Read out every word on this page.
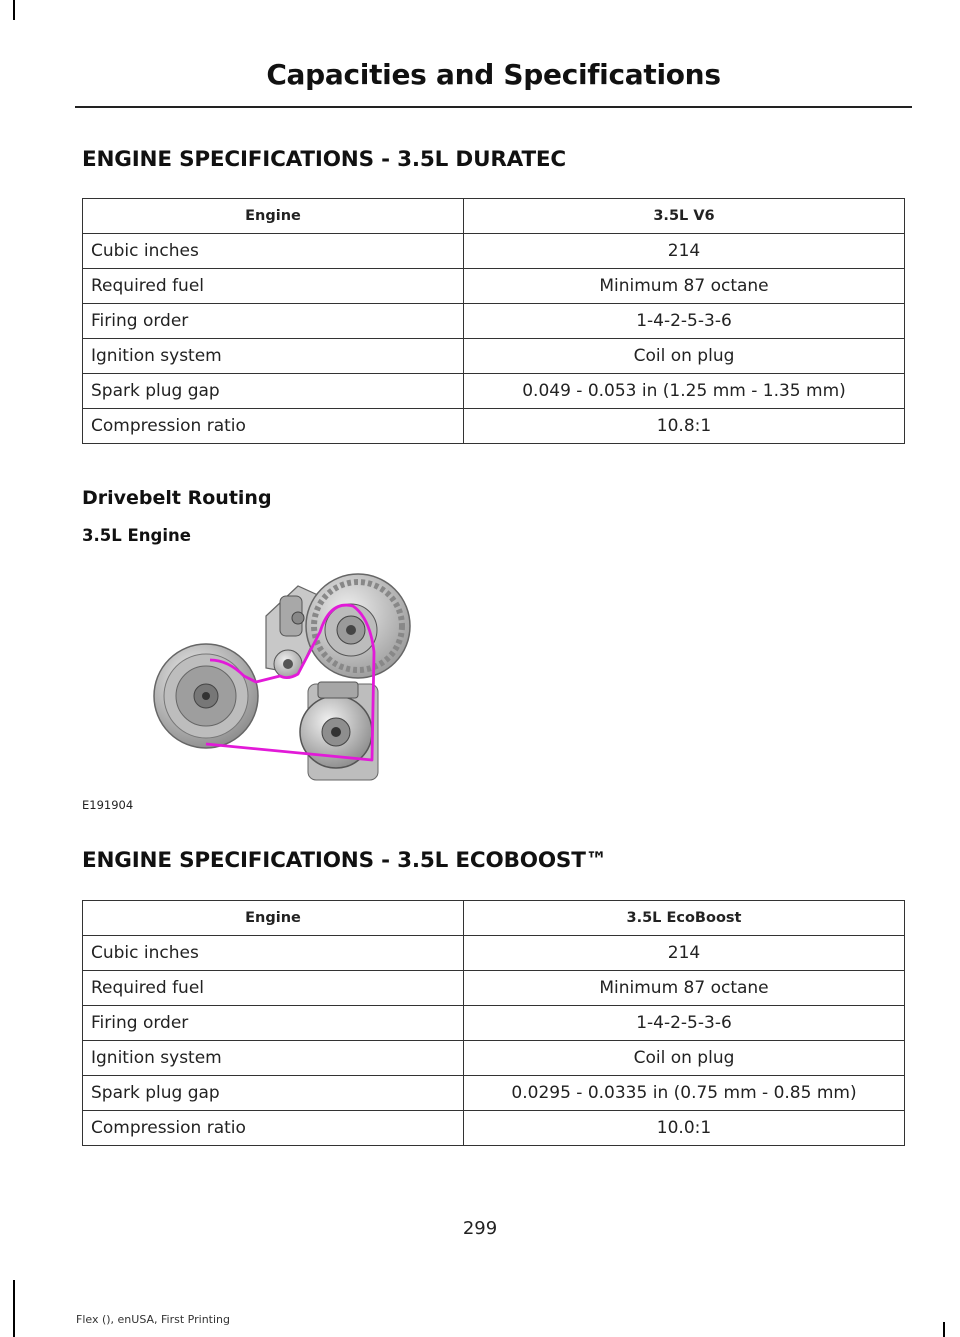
Capacities and Specifications
ENGINE SPECIFICATIONS - 3.5L DURATEC
Engine	3.5L V6
Cubic inches	214
Required fuel	Minimum 87 octane
Firing order	1-4-2-5-3-6
Ignition system	Coil on plug
Spark plug gap	0.049 - 0.053 in (1.25 mm - 1.35 mm)
Compression ratio	10.8:1
Drivebelt Routing
3.5L Engine
E191904
ENGINE SPECIFICATIONS - 3.5L ECOBOOST™
Engine	3.5L EcoBoost
Cubic inches	214
Required fuel	Minimum 87 octane
Firing order	1-4-2-5-3-6
Ignition system	Coil on plug
Spark plug gap	0.0295 - 0.0335 in (0.75 mm - 0.85 mm)
Compression ratio	10.0:1
299
Flex (), enUSA, First Printing
